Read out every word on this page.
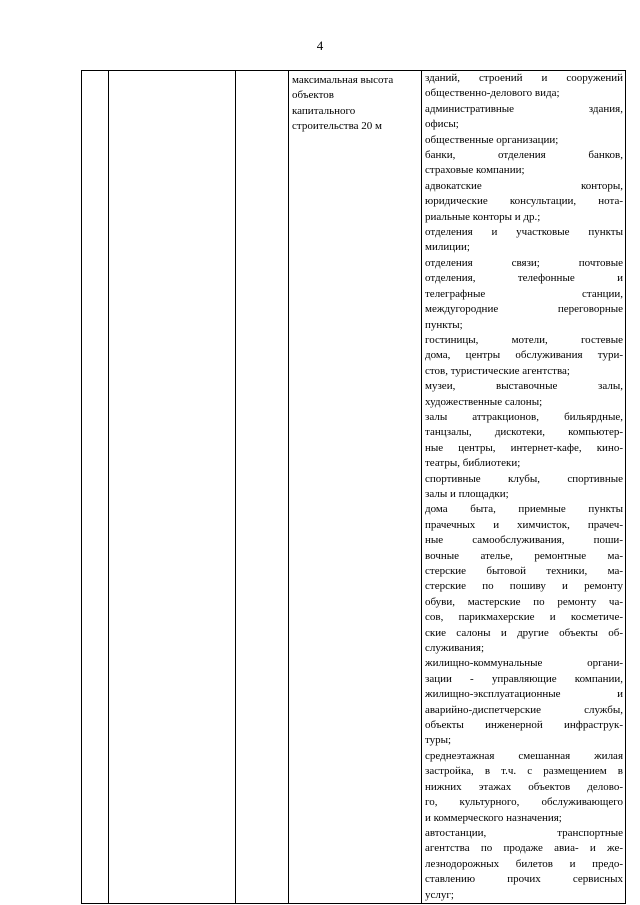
4

максимальная высота
объектов
капитального
строительства 20 м

зданий, строений и сооружений
общественно-делового вида;
административные здания,
офисы;
общественные организации;
банки, отделения банков,
страховые компании;
адвокатские конторы,
юридические консультации, нота-
риальные конторы и др.;
отделения и участковые пункты
милиции;
отделения связи; почтовые
отделения, телефонные и
телеграфные станции,
междугородние переговорные
пункты;
гостиницы, мотели, гостевые
дома, центры обслуживания тури-
стов, туристические агентства;
музеи, выставочные залы,
художественные салоны;
залы аттракционов, бильярдные,
танцзалы, дискотеки, компьютер-
ные центры, интернет-кафе, кино-
театры, библиотеки;
спортивные клубы, спортивные
залы и площадки;
дома быта, приемные пункты
прачечных и химчисток, прачеч-
ные самообслуживания, поши-
вочные ателье, ремонтные ма-
стерские бытовой техники, ма-
стерские по пошиву и ремонту
обуви, мастерские по ремонту ча-
сов, парикмахерские и косметиче-
ские салоны и другие объекты об-
служивания;
жилищно-коммунальные органи-
зации - управляющие компании,
жилищно-эксплуатационные и
аварийно-диспетчерские службы,
объекты инженерной инфраструк-
туры;
среднеэтажная смешанная жилая
застройка, в т.ч. с размещением в
нижних этажах объектов делово-
го, культурного, обслуживающего
и коммерческого назначения;
автостанции, транспортные
агентства по продаже авиа- и же-
лезнодорожных билетов и предо-
ставлению прочих сервисных
услуг;
